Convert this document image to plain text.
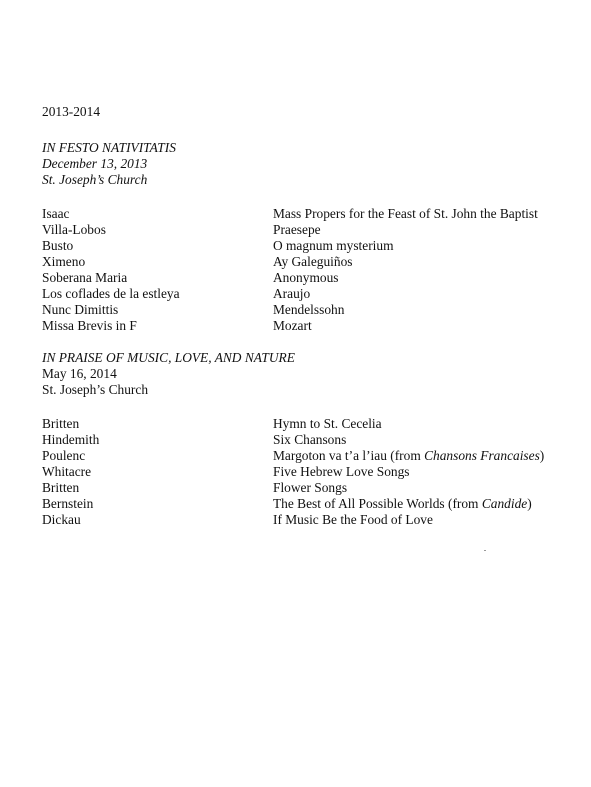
2013-2014
IN FESTO NATIVITATIS
December 13, 2013
St. Joseph’s Church
Isaac	Mass Propers for the Feast of St. John the Baptist
Villa-Lobos	Praesepe
Busto	O magnum mysterium
Ximeno	Ay Galeguiños
Soberana Maria	Anonymous
Los coflades de la estleya	Araujo
Nunc Dimittis	Mendelssohn
Missa Brevis in F	Mozart
IN PRAISE OF MUSIC, LOVE, AND NATURE
May 16, 2014
St. Joseph’s Church
Britten	Hymn to St. Cecelia
Hindemith	Six Chansons
Poulenc	Margoton va t’a l’iau (from Chansons Francaises)
Whitacre	Five Hebrew Love Songs
Britten	Flower Songs
Bernstein	The Best of All Possible Worlds (from Candide)
Dickau	If Music Be the Food of Love
